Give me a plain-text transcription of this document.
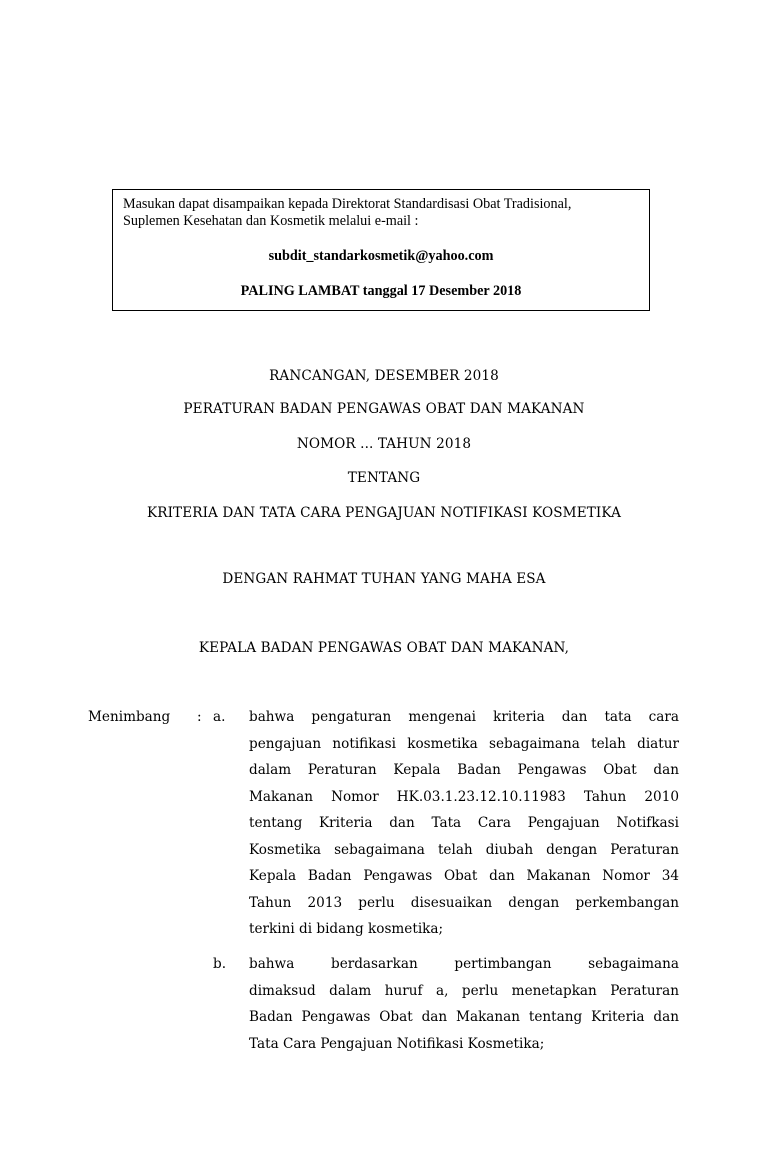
Masukan dapat disampaikan kepada Direktorat Standardisasi Obat Tradisional,
Suplemen Kesehatan dan Kosmetik melalui e-mail :
subdit_standarkosmetik@yahoo.com
PALING LAMBAT tanggal 17 Desember 2018
RANCANGAN, DESEMBER 2018
PERATURAN BADAN PENGAWAS OBAT DAN MAKANAN
NOMOR ... TAHUN 2018
TENTANG
KRITERIA DAN TATA CARA PENGAJUAN NOTIFIKASI KOSMETIKA
DENGAN RAHMAT TUHAN YANG MAHA ESA
KEPALA BADAN PENGAWAS OBAT DAN MAKANAN,
Menimbang : a. bahwa pengaturan mengenai kriteria dan tata cara
pengajuan notifikasi kosmetika sebagaimana telah diatur
dalam Peraturan Kepala Badan Pengawas Obat dan
Makanan Nomor HK.03.1.23.12.10.11983 Tahun 2010
tentang Kriteria dan Tata Cara Pengajuan Notifkasi
Kosmetika sebagaimana telah diubah dengan Peraturan
Kepala Badan Pengawas Obat dan Makanan Nomor 34
Tahun 2013 perlu disesuaikan dengan perkembangan
terkini di bidang kosmetika;
b. bahwa berdasarkan pertimbangan sebagaimana
dimaksud dalam huruf a, perlu menetapkan Peraturan
Badan Pengawas Obat dan Makanan tentang Kriteria dan
Tata Cara Pengajuan Notifikasi Kosmetika;
